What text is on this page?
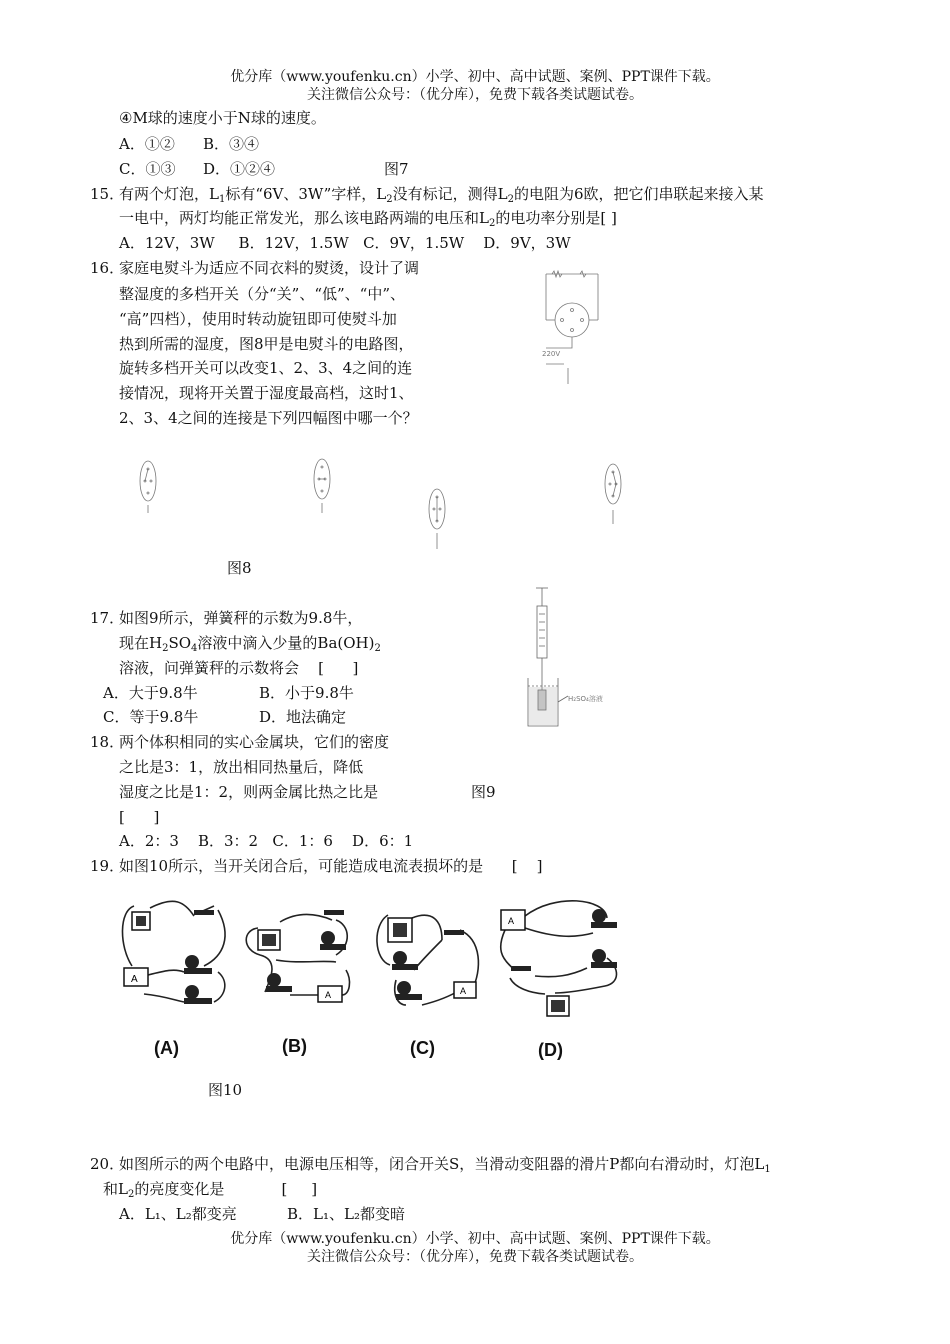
优分库（www.youfenku.cn）小学、初中、高中试题、案例、PPT课件下载。
关注微信公众号：（优分库），免费下载各类试题试卷。
④M球的速度小于N球的速度。
A．①② B．③④
C．①③ D．①②④	图7
15．
有两个灯泡，$L_1$标有“6V、3W”字样，$L_2$没有标记，测得$L_2$的电阻为6欧，把它们串联起来接入某
一电中，两灯均能正常发光，那么该电路两端的电压和$L_2$的电功率分别是[ ]
A．12V，3W     B．12V，1.5W   C．9V，1.5W    D．9V，3W
16．
家庭电熨斗为适应不同衣料的熨烫，设计了调
整湿度的多档开关（分“关”、“低”、“中”、
“高”四档），使用时转动旋钮即可使熨斗加
热到所需的湿度，图8甲是电熨斗的电路图，
旋转多档开关可以改变1、2、3、4之间的连
接情况，现将开关置于湿度最高档，这时1、
2、3、4之间的连接是下列四幅图中哪一个？
220V
图8
17．
如图9所示，弹簧秤的示数为9.8牛，
现在$H_2SO_4$溶液中滴入少量的$Ba(OH)_2$
溶液，问弹簧秤的示数将会    [      ]
A．大于9.8牛	B．小于9.8牛
C．等于9.8牛	D．地法确定
H₂SO₄溶液
18．
两个体积相同的实心金属块，它们的密度
之比是3：1，放出相同热量后，降低
湿度之比是1：2，则两金属比热之比是	图9
[      ]
A．2：3    B．3：2   C．1：6    D．6：1
19．
如图10所示，当开关闭合后，可能造成电流表损坏的是      [    ]
A
A	A
A
(A)	(B)	(C)	(D)
图10
20．
如图所示的两个电路中，电源电压相等，闭合开关S，当滑动变阻器的滑片P都向右滑动时，灯泡$L_1$
和$L_2$的亮度变化是            [     ]
A．L₁、L₂都变亮	B．L₁、L₂都变暗
优分库（www.youfenku.cn）小学、初中、高中试题、案例、PPT课件下载。
关注微信公众号：（优分库），免费下载各类试题试卷。
